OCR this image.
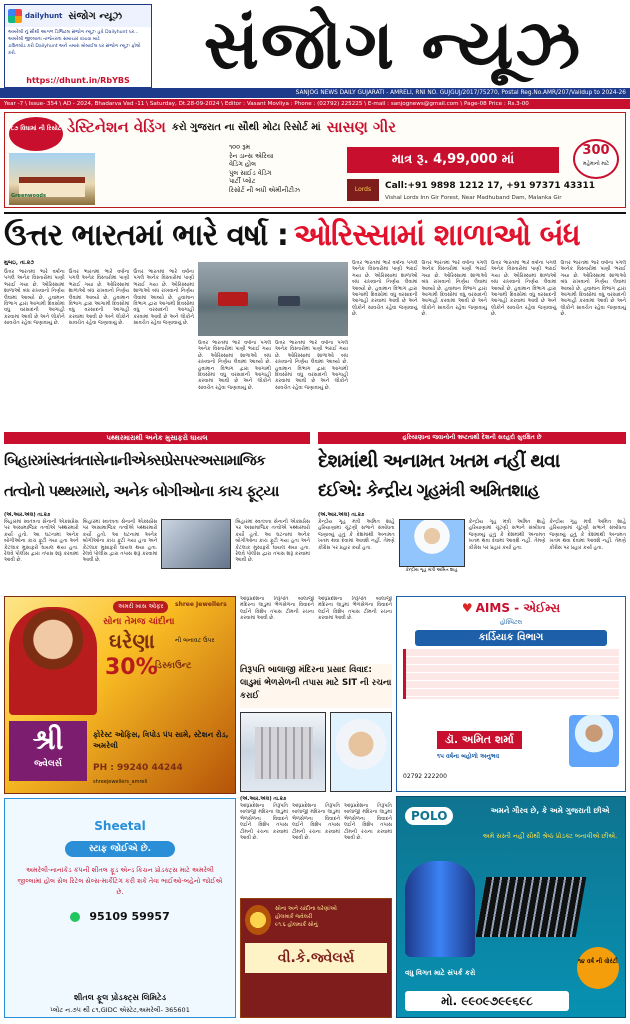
dailyhunt સંજોગ ન્યૂઝ
અમરેલી નું સૌથી આગળ ડિજિટલ સંજોગ ન્યૂઝ હવે Dailyhunt પર...
અમરેલી જીલ્લાના તાજેતરના સમાચાર વાંચવા માટે
ડાઉનલોડ કરો Dailyhunt અને તમારા મોબાઈલ પર સંજોગ ન્યૂઝ ફોલો કરો.
https://dhunt.in/RbYBS	સંજોગ ન્યૂઝ
SANJOG NEWS DAILY GUJARATI - AMRELI, RNI NO. GUJGUJ/2017/75270, Postal Reg.No.AMR/207/Validup to 2024-26
Year -7 \ Issue- 354 \ AD - 2024, Bhadarva Vad -11 \ Saturday, Dt.28-09-2024 \ Editor : Vasant Movliya : Phone : (02792) 225225 \ E-mail : sanjognews@gmail.com \ Page-08 Price : Rs.3-00
૮૭ વિઘામાં ની રિસોર્ટ
Greenwoods
ડેસ્ટિનેશન વેડિંગ કરો ગુજરાત ના સૌથી મોટા રિસોર્ટ માં સાસણ ગીર
૧૦૦ રૂમ
રેન ડાન્સ એરિયા
વેડિંગ હોલ
પુલ સાઈડ વેડિંગ
પાર્ટી પ્લોટ
રિસોર્ટ ની બધી એમીનીટીઝ
માત્ર રૂ. 4,99,000 માં
300
મહેમાનો માટે
Lords	Call:+91 9898 1212 17, +91 97371 43311
Vishal Lords Inn Gir Forest, Near Madhuband Dam, Malanka Gir
ઉત્તર ભારતમાં ભારે વર્ષા : ઓરિસ્સામાં શાળાઓ બંધ
મુંબઇ, તા.૨૭
ઉત્તર ભારતમાં ભારે વર્ષાના પગલે અનેક વિસ્તારોમાં પાણી ભરાઈ ગયા છે. ઓરિસ્સામાં શાળાઓ બંધ રાખવાનો નિર્ણય લેવામાં આવ્યો છે. હવામાન વિભાગ દ્વારા આગામી દિવસોમાં વધુ વરસાદની આગાહી કરવામાં આવી છે અને લોકોને સાવચેત રહેવા જણાવાયું છે.
ઉત્તર ભારતમાં ભારે વર્ષાના પગલે અનેક વિસ્તારોમાં પાણી ભરાઈ ગયા છે. ઓરિસ્સામાં શાળાઓ બંધ રાખવાનો નિર્ણય લેવામાં આવ્યો છે. હવામાન વિભાગ દ્વારા આગામી દિવસોમાં વધુ વરસાદની આગાહી કરવામાં આવી છે અને લોકોને સાવચેત રહેવા જણાવાયું છે.
ઉત્તર ભારતમાં ભારે વર્ષાના પગલે અનેક વિસ્તારોમાં પાણી ભરાઈ ગયા છે. ઓરિસ્સામાં શાળાઓ બંધ રાખવાનો નિર્ણય લેવામાં આવ્યો છે. હવામાન વિભાગ દ્વારા આગામી દિવસોમાં વધુ વરસાદની આગાહી કરવામાં આવી છે અને લોકોને સાવચેત રહેવા જણાવાયું છે.
ઉત્તર ભારતમાં ભારે વર્ષાના પગલે અનેક વિસ્તારોમાં પાણી ભરાઈ ગયા છે. ઓરિસ્સામાં શાળાઓ બંધ રાખવાનો નિર્ણય લેવામાં આવ્યો છે. હવામાન વિભાગ દ્વારા આગામી દિવસોમાં વધુ વરસાદની આગાહી કરવામાં આવી છે અને લોકોને સાવચેત રહેવા જણાવાયું છે.
ઉત્તર ભારતમાં ભારે વર્ષાના પગલે અનેક વિસ્તારોમાં પાણી ભરાઈ ગયા છે. ઓરિસ્સામાં શાળાઓ બંધ રાખવાનો નિર્ણય લેવામાં આવ્યો છે. હવામાન વિભાગ દ્વારા આગામી દિવસોમાં વધુ વરસાદની આગાહી કરવામાં આવી છે અને લોકોને સાવચેત રહેવા જણાવાયું છે.
ઉત્તર ભારતમાં ભારે વર્ષાના પગલે અનેક વિસ્તારોમાં પાણી ભરાઈ ગયા છે. ઓરિસ્સામાં શાળાઓ બંધ રાખવાનો નિર્ણય લેવામાં આવ્યો છે. હવામાન વિભાગ દ્વારા આગામી દિવસોમાં વધુ વરસાદની આગાહી કરવામાં આવી છે અને લોકોને સાવચેત રહેવા જણાવાયું છે.
ઉત્તર ભારતમાં ભારે વર્ષાના પગલે અનેક વિસ્તારોમાં પાણી ભરાઈ ગયા છે. ઓરિસ્સામાં શાળાઓ બંધ રાખવાનો નિર્ણય લેવામાં આવ્યો છે. હવામાન વિભાગ દ્વારા આગામી દિવસોમાં વધુ વરસાદની આગાહી કરવામાં આવી છે અને લોકોને સાવચેત રહેવા જણાવાયું છે.
ઉત્તર ભારતમાં ભારે વર્ષાના પગલે અનેક વિસ્તારોમાં પાણી ભરાઈ ગયા છે. ઓરિસ્સામાં શાળાઓ બંધ રાખવાનો નિર્ણય લેવામાં આવ્યો છે. હવામાન વિભાગ દ્વારા આગામી દિવસોમાં વધુ વરસાદની આગાહી કરવામાં આવી છે અને લોકોને સાવચેત રહેવા જણાવાયું છે.
ઉત્તર ભારતમાં ભારે વર્ષાના પગલે અનેક વિસ્તારોમાં પાણી ભરાઈ ગયા છે. ઓરિસ્સામાં શાળાઓ બંધ રાખવાનો નિર્ણય લેવામાં આવ્યો છે. હવામાન વિભાગ દ્વારા આગામી દિવસોમાં વધુ વરસાદની આગાહી કરવામાં આવી છે અને લોકોને સાવચેત રહેવા જણાવાયું છે.
પથ્થરમારાથી અનેક મુસાફરો ઘાયલ
બિહારમાંસ્વતંત્રતાસેનાનીએક્સપ્રેસપરઅસામાજિક
તત્વોનો પથ્થરમારો, અનેક બોગીઓના કાચ ફૂટ્યા
(એ.આર.એલ) તા.૨૭
બિહારમાં સ્વતંત્રતા સેનાની એક્સપ્રેસ પર અસામાજિક તત્વોએ પથ્થરમારો કર્યો હતો. આ ઘટનામાં અનેક બોગીઓના કાચ ફૂટી ગયા હતા અને કેટલાક મુસાફરો ઘાયલ થયા હતા. રેલવે પોલીસ દ્વારા તપાસ શરૂ કરવામાં આવી છે.
બિહારમાં સ્વતંત્રતા સેનાની એક્સપ્રેસ પર અસામાજિક તત્વોએ પથ્થરમારો કર્યો હતો. આ ઘટનામાં અનેક બોગીઓના કાચ ફૂટી ગયા હતા અને કેટલાક મુસાફરો ઘાયલ થયા હતા. રેલવે પોલીસ દ્વારા તપાસ શરૂ કરવામાં આવી છે.
બિહારમાં સ્વતંત્રતા સેનાની એક્સપ્રેસ પર અસામાજિક તત્વોએ પથ્થરમારો કર્યો હતો. આ ઘટનામાં અનેક બોગીઓના કાચ ફૂટી ગયા હતા અને કેટલાક મુસાફરો ઘાયલ થયા હતા. રેલવે પોલીસ દ્વારા તપાસ શરૂ કરવામાં આવી છે.
હરિયાણાના જવાનોની ભ્રષ્ટતાથી દેશની સરહદો સુરક્ષિત છે
દેશમાંથી અનામત ખતમ નહીં થવા
દઈએ: કેન્દ્રીય ગૃહમંત્રી અમિતશાહ
(એ.આર.એલ) તા.૨૭
કેન્દ્રીય ગૃહ મંત્રી અમિત શાહે હરિયાણામાં ચૂંટણી સભાને સંબોધતા જણાવ્યું હતું કે દેશમાંથી અનામત ખતમ થવા દેવામાં આવશે નહીં. તેમણે કોંગ્રેસ પર પ્રહાર કર્યા હતા.
કેન્દ્રીય ગૃહ મંત્રી અમિત શાહ
કેન્દ્રીય ગૃહ મંત્રી અમિત શાહે હરિયાણામાં ચૂંટણી સભાને સંબોધતા જણાવ્યું હતું કે દેશમાંથી અનામત ખતમ થવા દેવામાં આવશે નહીં. તેમણે કોંગ્રેસ પર પ્રહાર કર્યા હતા.
કેન્દ્રીય ગૃહ મંત્રી અમિત શાહે હરિયાણામાં ચૂંટણી સભાને સંબોધતા જણાવ્યું હતું કે દેશમાંથી અનામત ખતમ થવા દેવામાં આવશે નહીં. તેમણે કોંગ્રેસ પર પ્રહાર કર્યા હતા.
અમરી ખાસ ઓફર	shree Jewellers
સોના તેમજ ચાંદીના
ઘરેણા	ની બનાવટ ઉપર
30%
ડિસ્કાઉન્ટ
શ્રી
જ્વેલર્સ
ફોરેસ્ટ ઓફિસ, ત્રિપોડ પંપ સામે, સ્ટેશન રોડ, અમરેલી
PH : 99240 44244
shreejewellers_amreli
આંધ્રપ્રદેશના તિરૂપતિ બાલાજી મંદિરના લાડુમાં ભેળસેળના વિવાદને લઈને વિશેષ તપાસ ટીમની રચના કરવામાં આવી છે.
આંધ્રપ્રદેશના તિરૂપતિ બાલાજી મંદિરના લાડુમાં ભેળસેળના વિવાદને લઈને વિશેષ તપાસ ટીમની રચના કરવામાં આવી છે.
તિરૂપતિ બાલાજી મંદિરના પ્રસાદ વિવાદ: લાડુમાં ભેળસેળની તપાસ માટે SIT ની રચના કરાઈ
(એ.આર.એલ) તા.૨૭
આંધ્રપ્રદેશના તિરૂપતિ બાલાજી મંદિરના લાડુમાં ભેળસેળના વિવાદને લઈને વિશેષ તપાસ ટીમની રચના કરવામાં આવી છે.
આંધ્રપ્રદેશના તિરૂપતિ બાલાજી મંદિરના લાડુમાં ભેળસેળના વિવાદને લઈને વિશેષ તપાસ ટીમની રચના કરવામાં આવી છે.
આંધ્રપ્રદેશના તિરૂપતિ બાલાજી મંદિરના લાડુમાં ભેળસેળના વિવાદને લઈને વિશેષ તપાસ ટીમની રચના કરવામાં આવી છે.
♥ AIMS - એઈમ્સ
હોસ્પિટલ
કાર્ડિયાક વિભાગ
ડૉ. અમિત શર્મા
૧૫ વર્ષના બહોળો અનુભવ
02792 222200
Sheetal
સ્ટાફ જોઈએ છે.
અમરેલી-નાનાંકેડ કંપની શીતલ ફૂડ એન્ડ કિચન પ્રોડક્ટ્સ માટે અમરેલી જીલ્લામાં હોલ સેલ રિટેલ સેલ્સ-માર્કેટિંગ કરી શકે તેવા ભાઈઓ-બહેનો જોઈએ છે.
95109 59957
શીતલ ફૂલ પ્રોડક્ટ્સ લિમિટેડ
પ્લોટ ન.૭૫ થી ૮૧,GIDC એસ્ટેટ,અમરેલી- 365601
સોના અને ચાંદીના ઘરેણાંઓ
હોલમાર્ક જ્વેલરી
૯૧.૬ હોલમાર્ક સોનું
વી.કે.જ્વેલર્સ
POLO	અમને ગૌરવ છે, કે અમે ગુજરાતી છીએ
અમે સસ્તી નહીં સૌથી શ્રેષ્ઠ પ્રોડક્ટ બનાવીએ છીએ.
૧૪ વર્ષ ની વોરંટી
વધુ વિગત માટે સંપર્ક કરો
મો. ૯૯૦૯૭૯૯૬૯૮
